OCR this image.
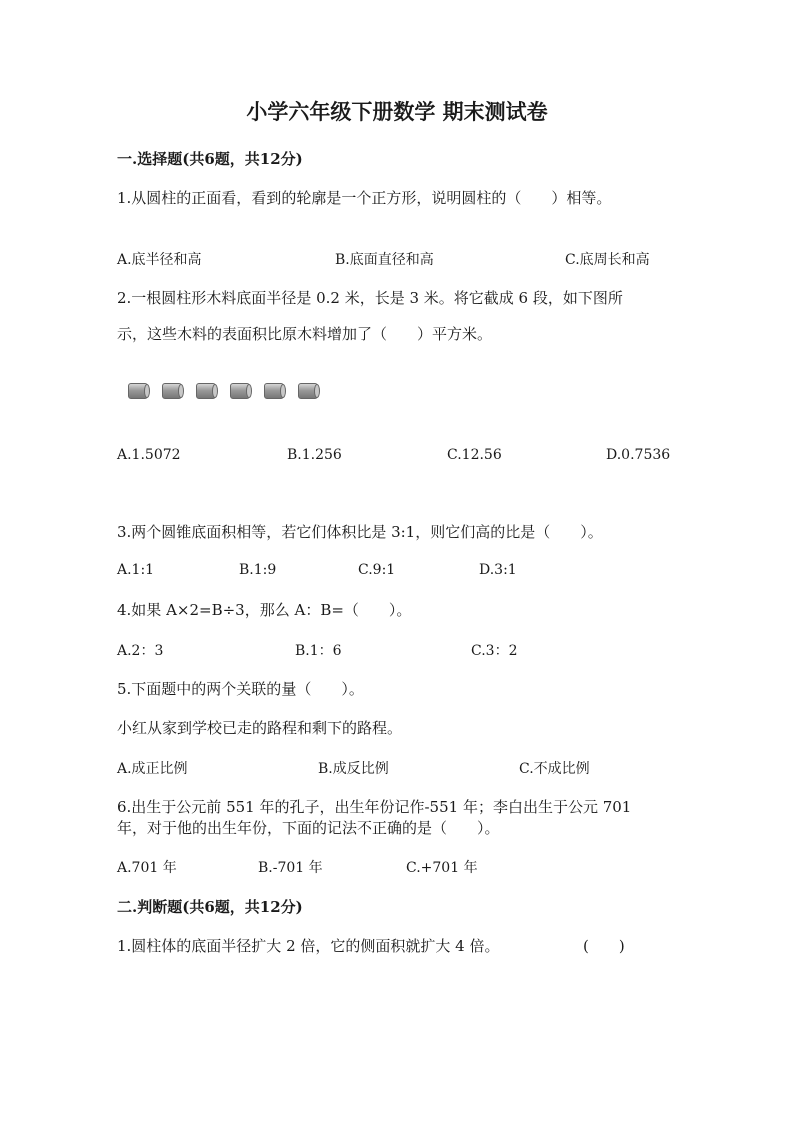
小学六年级下册数学 期末测试卷
一.选择题(共6题，共12分)
1.从圆柱的正面看，看到的轮廓是一个正方形，说明圆柱的（　　）相等。
A.底半径和高	B.底面直径和高	C.底周长和高
2.一根圆柱形木料底面半径是 0.2 米，长是 3 米。将它截成 6 段，如下图所
示，这些木料的表面积比原木料增加了（　　）平方米。
A.1.5072	B.1.256	C.12.56	D.0.7536
3.两个圆锥底面积相等，若它们体积比是 3:1，则它们高的比是（　　）。
A.1:1	B.1:9	C.9:1	D.3:1
4.如果 A×2=B÷3，那么 A：B=（　　）。
A.2：3	B.1：6	C.3：2
5.下面题中的两个关联的量（　　）。
小红从家到学校已走的路程和剩下的路程。
A.成正比例	B.成反比例	C.不成比例
6.出生于公元前 551 年的孔子，出生年份记作-551 年；李白出生于公元 701
年，对于他的出生年份，下面的记法不正确的是（　　）。
A.701 年	B.-701 年	C.+701 年
二.判断题(共6题，共12分)
1.圆柱体的底面半径扩大 2 倍，它的侧面积就扩大 4 倍。	(　　)
